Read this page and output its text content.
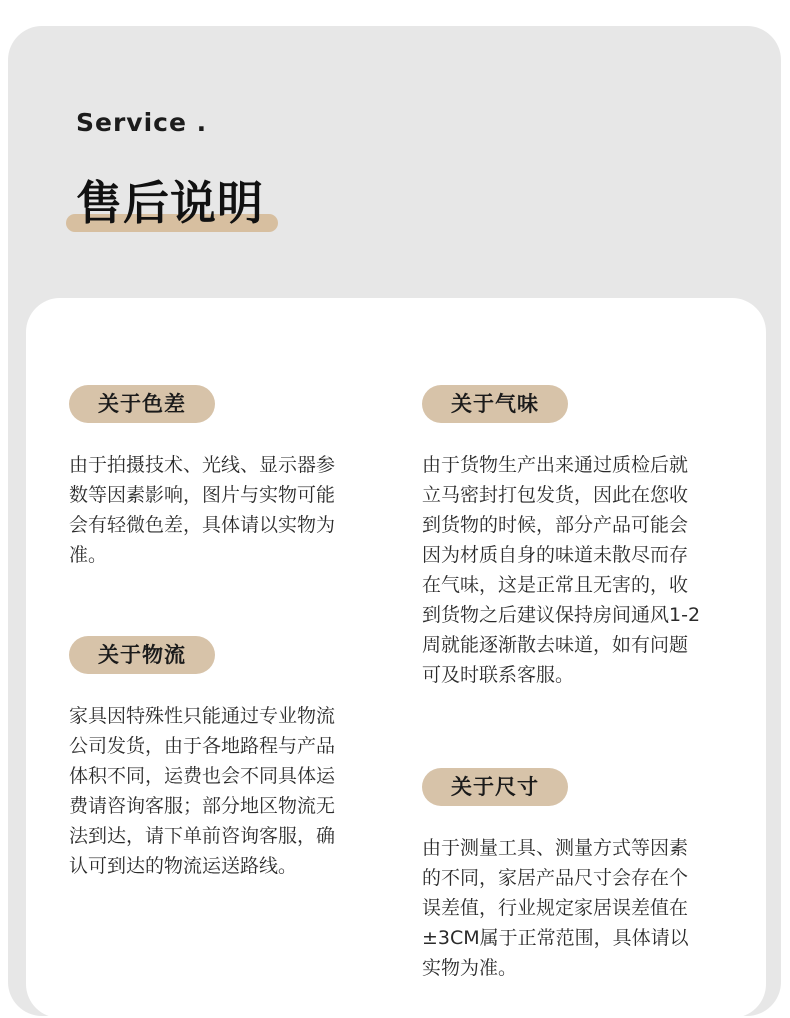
Service .
售后说明
关于色差
由于拍摄技术、光线、显示器参数等因素影响，图片与实物可能会有轻微色差，具体请以实物为准。
关于物流
家具因特殊性只能通过专业物流公司发货，由于各地路程与产品体积不同，运费也会不同具体运费请咨询客服；部分地区物流无法到达，请下单前咨询客服，确认可到达的物流运送路线。
关于气味
由于货物生产出来通过质检后就立马密封打包发货，因此在您收到货物的时候，部分产品可能会因为材质自身的味道未散尽而存在气味，这是正常且无害的，收到货物之后建议保持房间通风1-2周就能逐渐散去味道，如有问题可及时联系客服。
关于尺寸
由于测量工具、测量方式等因素的不同，家居产品尺寸会存在个误差值，行业规定家居误差值在±3CM属于正常范围，具体请以实物为准。
